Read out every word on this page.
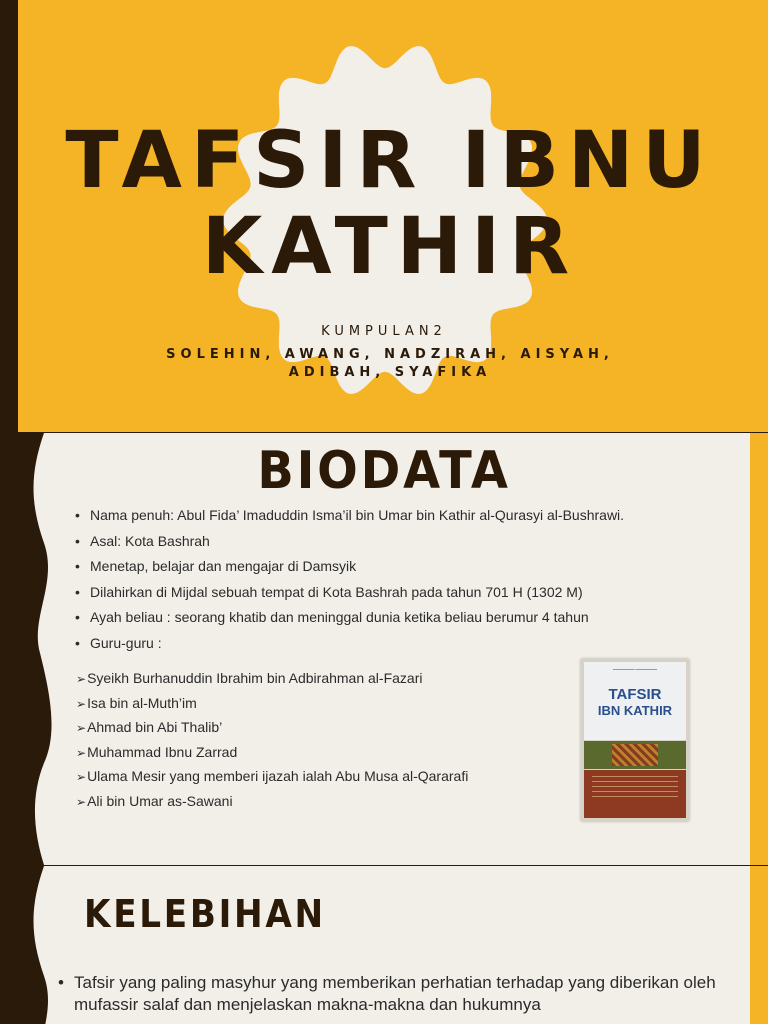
TAFSIR IBNU KATHIR
KUMPULAN2
SOLEHIN, AWANG, NADZIRAH, AISYAH, ADIBAH, SYAFIKA
BIODATA
• Nama penuh: Abul Fida’ Imaduddin Isma’il bin Umar bin Kathir al-Qurasyi al-Bushrawi.
• Asal: Kota Bashrah
• Menetap, belajar dan mengajar di Damsyik
• Dilahirkan di Mijdal sebuah tempat di Kota Bashrah pada tahun 701 H (1302 M)
• Ayah beliau : seorang khatib dan meninggal dunia ketika beliau berumur 4 tahun
• Guru-guru :
➢Syeikh Burhanuddin Ibrahim bin Adbirahman al-Fazari
➢Isa bin al-Muth’im
➢Ahmad bin Abi Thalib’
➢Muhammad Ibnu Zarrad
➢Ulama Mesir yang memberi ijazah ialah Abu Musa al-Qararafi
➢Ali bin Umar as-Sawani
⸻⸻
TAFSIR
IBN KATHIR
KELEBIHAN
• Tafsir yang paling masyhur yang memberikan perhatian terhadap yang diberikan oleh mufassir salaf dan menjelaskan makna-makna dan hukumnya
